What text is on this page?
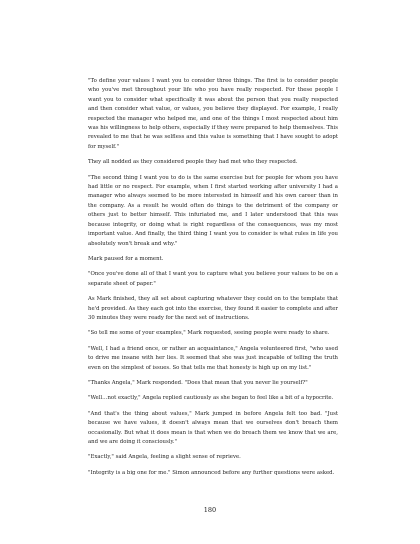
"To define your values I want you to consider three things. The first is to consider people who you've met throughout your life who you have really respected. For these people I want you to consider what specifically it was about the person that you really respected and then consider what value, or values, you believe they displayed. For example, I really respected the manager who helped me, and one of the things I most respected about him was his willingness to help others, especially if they were prepared to help themselves. This revealed to me that he was selfless and this value is something that I have sought to adopt for myself."

They all nodded as they considered people they had met who they respected.

"The second thing I want you to do is the same exercise but for people for whom you have had little or no respect. For example, when I first started working after university I had a manager who always seemed to be more interested in himself and his own career than in the company. As a result he would often do things to the detriment of the company or others just to better himself. This infuriated me, and I later understood that this was because integrity, or doing what is right regardless of the consequences, was my most important value. And finally, the third thing I want you to consider is what rules in life you absolutely won't break and why."

Mark paused for a moment.

"Once you've done all of that I want you to capture what you believe your values to be on a separate sheet of paper."

As Mark finished, they all set about capturing whatever they could on to the template that he'd provided. As they each got into the exercise, they found it easier to complete and after 30 minutes they were ready for the next set of instructions.

"So tell me some of your examples," Mark requested, seeing people were ready to share.

"Well, I had a friend once, or rather an acquaintance," Angela volunteered first, "who used to drive me insane with her lies. It seemed that she was just incapable of telling the truth even on the simplest of issues. So that tells me that honesty is high up on my list."

"Thanks Angela," Mark responded. "Does that mean that you never lie yourself?"

"Well…not exactly," Angela replied cautiously as she began to feel like a bit of a hypocrite.

"And that's the thing about values," Mark jumped in before Angela felt too bad. "Just because we have values, it doesn't always mean that we ourselves don't breach them occasionally. But what it does mean is that when we do breach them we know that we are, and we are doing it consciously."

"Exactly," said Angela, feeling a slight sense of reprieve.

"Integrity is a big one for me." Simon announced before any further questions were asked.

180
